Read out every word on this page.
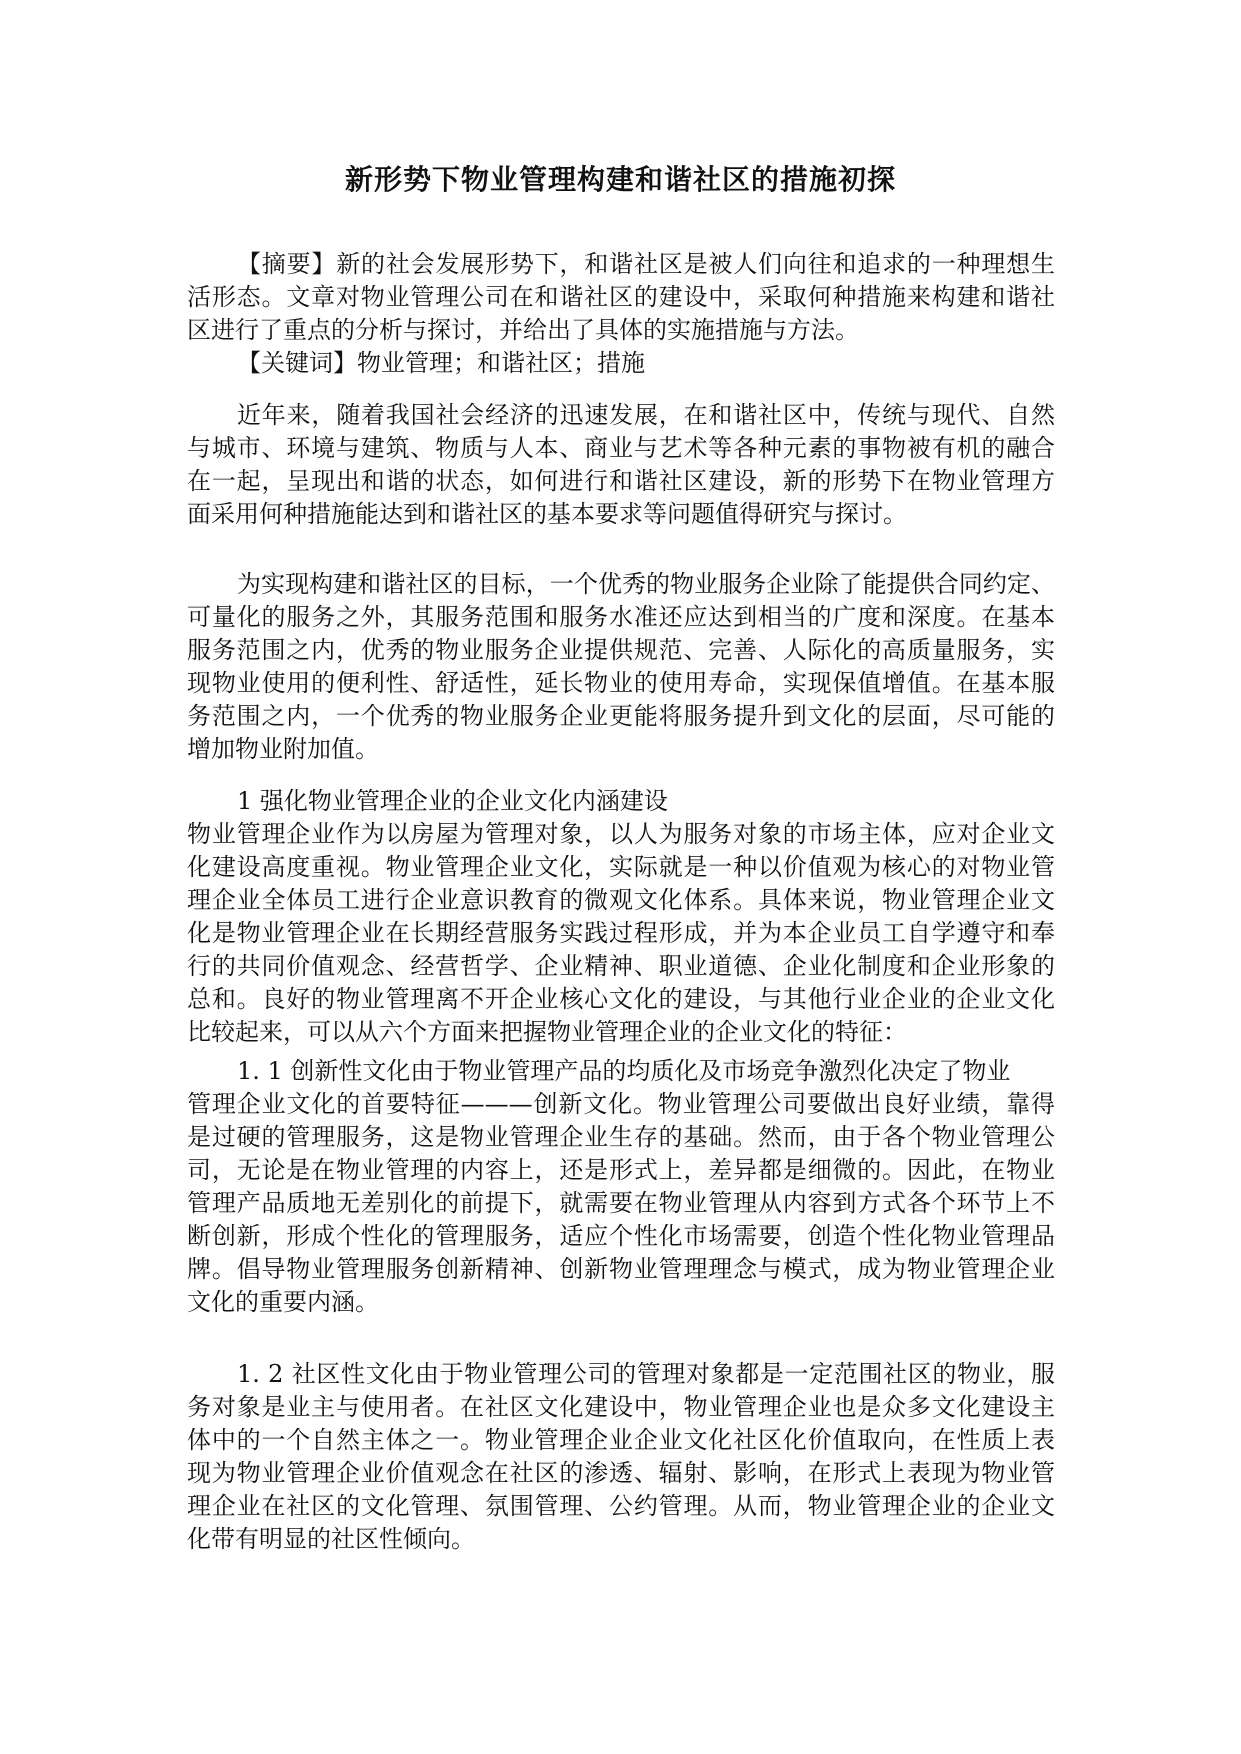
新形势下物业管理构建和谐社区的措施初探
【摘要】新的社会发展形势下，和谐社区是被人们向往和追求的一种理想生
活形态。文章对物业管理公司在和谐社区的建设中，采取何种措施来构建和谐社
区进行了重点的分析与探讨，并给出了具体的实施措施与方法。
【关键词】物业管理；和谐社区；措施
近年来，随着我国社会经济的迅速发展，在和谐社区中，传统与现代、自然
与城市、环境与建筑、物质与人本、商业与艺术等各种元素的事物被有机的融合
在一起，呈现出和谐的状态，如何进行和谐社区建设，新的形势下在物业管理方
面采用何种措施能达到和谐社区的基本要求等问题值得研究与探讨。
为实现构建和谐社区的目标，一个优秀的物业服务企业除了能提供合同约定、
可量化的服务之外，其服务范围和服务水准还应达到相当的广度和深度。在基本
服务范围之内，优秀的物业服务企业提供规范、完善、人际化的高质量服务，实
现物业使用的便利性、舒适性，延长物业的使用寿命，实现保值增值。在基本服
务范围之内，一个优秀的物业服务企业更能将服务提升到文化的层面，尽可能的
增加物业附加值。
1 强化物业管理企业的企业文化内涵建设
物业管理企业作为以房屋为管理对象，以人为服务对象的市场主体，应对企业文
化建设高度重视。物业管理企业文化，实际就是一种以价值观为核心的对物业管
理企业全体员工进行企业意识教育的微观文化体系。具体来说，物业管理企业文
化是物业管理企业在长期经营服务实践过程形成，并为本企业员工自学遵守和奉
行的共同价值观念、经营哲学、企业精神、职业道德、企业化制度和企业形象的
总和。良好的物业管理离不开企业核心文化的建设，与其他行业企业的企业文化
比较起来，可以从六个方面来把握物业管理企业的企业文化的特征：
1. 1 创新性文化由于物业管理产品的均质化及市场竞争激烈化决定了物业
管理企业文化的首要特征———创新文化。物业管理公司要做出良好业绩，靠得
是过硬的管理服务，这是物业管理企业生存的基础。然而，由于各个物业管理公
司，无论是在物业管理的内容上，还是形式上，差异都是细微的。因此，在物业
管理产品质地无差别化的前提下，就需要在物业管理从内容到方式各个环节上不
断创新，形成个性化的管理服务，适应个性化市场需要，创造个性化物业管理品
牌。倡导物业管理服务创新精神、创新物业管理理念与模式，成为物业管理企业
文化的重要内涵。
1. 2 社区性文化由于物业管理公司的管理对象都是一定范围社区的物业，服
务对象是业主与使用者。在社区文化建设中，物业管理企业也是众多文化建设主
体中的一个自然主体之一。物业管理企业企业文化社区化价值取向，在性质上表
现为物业管理企业价值观念在社区的渗透、辐射、影响，在形式上表现为物业管
理企业在社区的文化管理、氛围管理、公约管理。从而，物业管理企业的企业文
化带有明显的社区性倾向。
